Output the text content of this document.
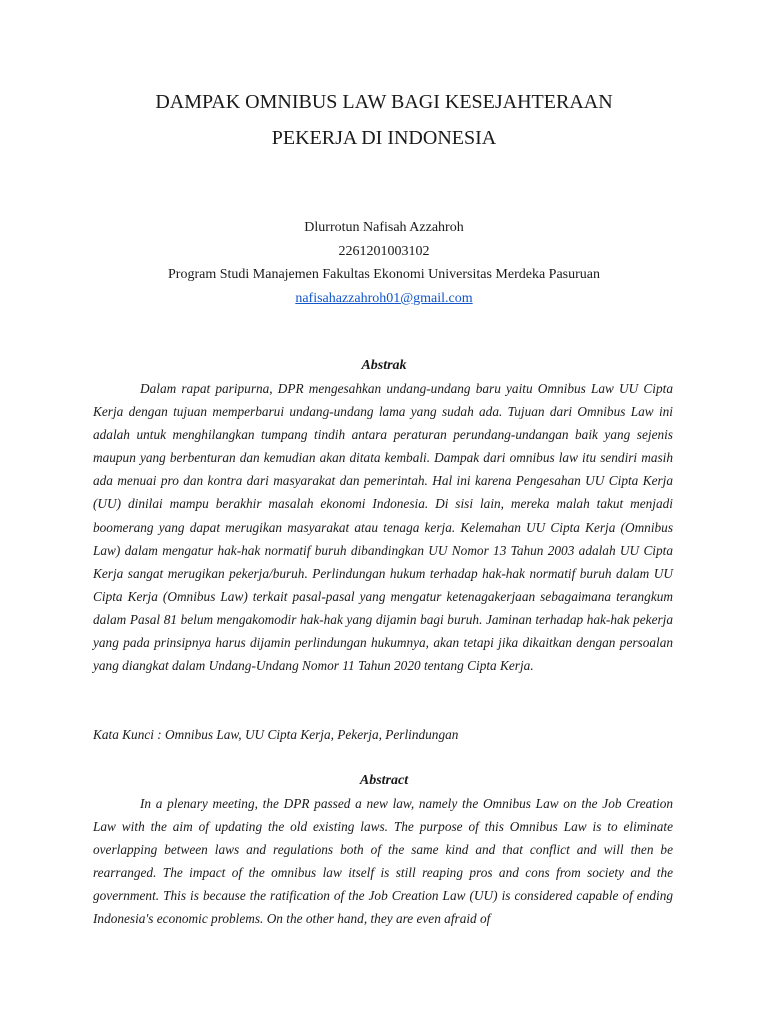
DAMPAK OMNIBUS LAW BAGI KESEJAHTERAAN
PEKERJA DI INDONESIA
Dlurrotun Nafisah Azzahroh
2261201003102
Program Studi Manajemen Fakultas Ekonomi Universitas Merdeka Pasuruan
nafisahazzahroh01@gmail.com
Abstrak

Dalam rapat paripurna, DPR mengesahkan undang-undang baru yaitu Omnibus Law UU Cipta Kerja dengan tujuan memperbarui undang-undang lama yang sudah ada. Tujuan dari Omnibus Law ini adalah untuk menghilangkan tumpang tindih antara peraturan perundang-undangan baik yang sejenis maupun yang berbenturan dan kemudian akan ditata kembali. Dampak dari omnibus law itu sendiri masih ada menuai pro dan kontra dari masyarakat dan pemerintah. Hal ini karena Pengesahan UU Cipta Kerja (UU) dinilai mampu berakhir masalah ekonomi Indonesia. Di sisi lain, mereka malah takut menjadi boomerang yang dapat merugikan masyarakat atau tenaga kerja. Kelemahan UU Cipta Kerja (Omnibus Law) dalam mengatur hak-hak normatif buruh dibandingkan UU Nomor 13 Tahun 2003 adalah UU Cipta Kerja sangat merugikan pekerja/buruh. Perlindungan hukum terhadap hak-hak normatif buruh dalam UU Cipta Kerja (Omnibus Law) terkait pasal-pasal yang mengatur ketenagakerjaan sebagaimana terangkum dalam Pasal 81 belum mengakomodir hak-hak yang dijamin bagi buruh. Jaminan terhadap hak-hak pekerja yang pada prinsipnya harus dijamin perlindungan hukumnya, akan tetapi jika dikaitkan dengan persoalan yang diangkat dalam Undang-Undang Nomor 11 Tahun 2020 tentang Cipta Kerja.

Kata Kunci : Omnibus Law, UU Cipta Kerja, Pekerja, Perlindungan
Abstract

In a plenary meeting, the DPR passed a new law, namely the Omnibus Law on the Job Creation Law with the aim of updating the old existing laws. The purpose of this Omnibus Law is to eliminate overlapping between laws and regulations both of the same kind and that conflict and will then be rearranged. The impact of the omnibus law itself is still reaping pros and cons from society and the government. This is because the ratification of the Job Creation Law (UU) is considered capable of ending Indonesia's economic problems. On the other hand, they are even afraid of
